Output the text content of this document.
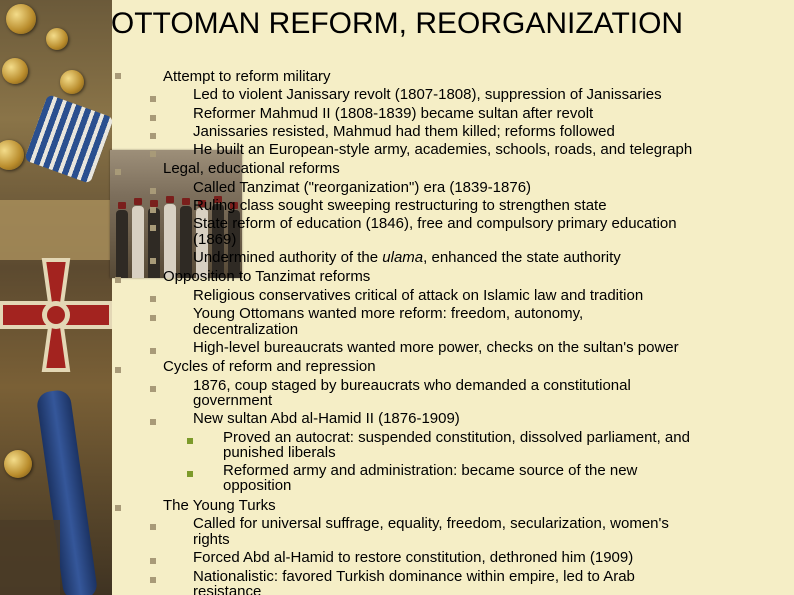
OTTOMAN REFORM, REORGANIZATION
Attempt to reform military
Led to violent Janissary revolt (1807-1808), suppression of Janissaries
Reformer Mahmud II (1808-1839) became sultan after revolt
Janissaries resisted, Mahmud had them killed; reforms followed
He built an European-style army, academies, schools, roads, and telegraph
Legal, educational reforms
Called Tanzimat ("reorganization") era (1839-1876)
Ruling class sought sweeping restructuring to strengthen state
State reform of education (1846), free and compulsory primary education
(1869)
Undermined authority of the ulama, enhanced the state authority
Opposition to Tanzimat reforms
Religious conservatives critical of attack on Islamic law and tradition
Young Ottomans wanted more reform: freedom, autonomy,
decentralization
High-level bureaucrats wanted more power, checks on the sultan's power
Cycles of reform and repression
1876, coup staged by bureaucrats who demanded a constitutional
government
New sultan Abd al-Hamid II (1876-1909)
Proved an autocrat: suspended constitution, dissolved parliament, and
punished liberals
Reformed army and administration: became source of the new
opposition
The Young Turks
Called for universal suffrage, equality, freedom, secularization, women's
rights
Forced Abd al-Hamid to restore constitution, dethroned him (1909)
Nationalistic: favored Turkish dominance within empire, led to Arab
resistance
